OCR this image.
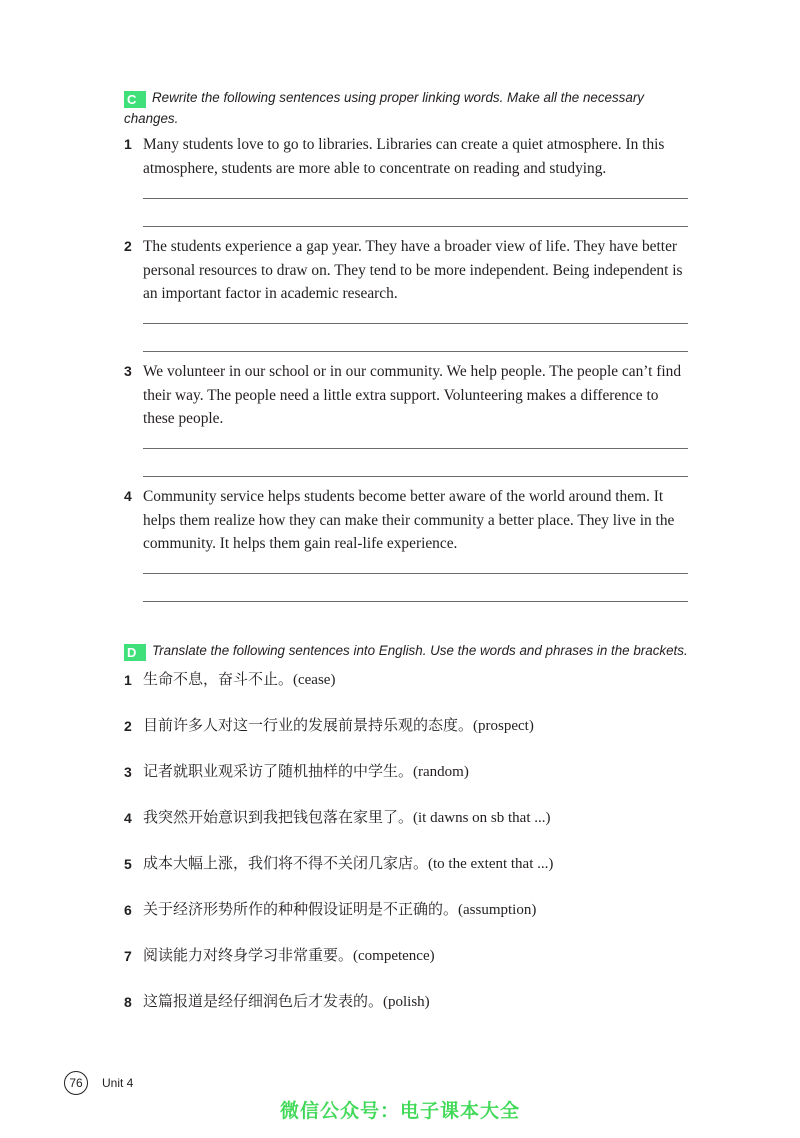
C Rewrite the following sentences using proper linking words. Make all the necessary changes.
1 Many students love to go to libraries. Libraries can create a quiet atmosphere. In this atmosphere, students are more able to concentrate on reading and studying.
2 The students experience a gap year. They have a broader view of life. They have better personal resources to draw on. They tend to be more independent. Being independent is an important factor in academic research.
3 We volunteer in our school or in our community. We help people. The people can’t find their way. The people need a little extra support. Volunteering makes a difference to these people.
4 Community service helps students become better aware of the world around them. It helps them realize how they can make their community a better place. They live in the community. It helps them gain real-life experience.
D Translate the following sentences into English. Use the words and phrases in the brackets.
1 生命不息，奋斗不止。(cease)
2 目前许多人对这一行业的发展前景持乐观的态度。(prospect)
3 记者就职业观采访了随机抽样的中学生。(random)
4 我突然开始意识到我把钱包落在家里了。(it dawns on sb that ...)
5 成本大幅上涨，我们将不得不关闭几家店。(to the extent that ...)
6 关于经济形势所作的种种假设证明是不正确的。(assumption)
7 阅读能力对终身学习非常重要。(competence)
8 这篇报道是经仔细润色后才发表的。(polish)
76	Unit 4
微信公众号：电子课本大全
